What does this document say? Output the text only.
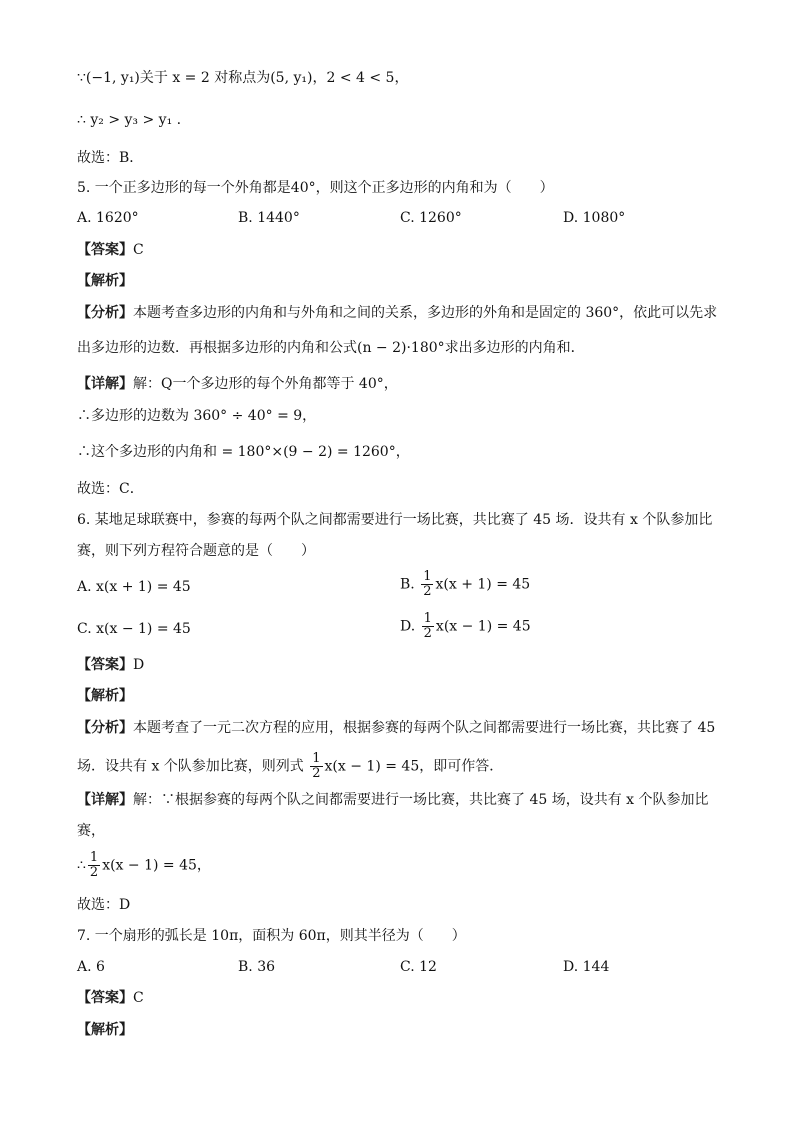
∵(−1, y₁)关于 x = 2 对称点为(5, y₁)，2 < 4 < 5，
∴ y₂ > y₃ > y₁ .
故选：B．
5. 一个正多边形的每一个外角都是40°，则这个正多边形的内角和为（　　）
A. 1620°	B. 1440°	C. 1260°	D. 1080°
【答案】C
【解析】
【分析】本题考查多边形的内角和与外角和之间的关系，多边形的外角和是固定的 360°，依此可以先求
出多边形的边数．再根据多边形的内角和公式(n − 2)·180°求出多边形的内角和．
【详解】解：Q一个多边形的每个外角都等于 40°，
∴多边形的边数为 360° ÷ 40° = 9，
∴这个多边形的内角和 = 180°×(9 − 2) = 1260°，
故选：C．
6. 某地足球联赛中，参赛的每两个队之间都需要进行一场比赛，共比赛了 45 场．设共有 x 个队参加比
赛，则下列方程符合题意的是（　　）
A. x(x + 1) = 45	B. $\frac{1}{2} x(x + 1) = 45$
C. x(x − 1) = 45	D. $\frac{1}{2} x(x - 1) = 45$
【答案】D
【解析】
【分析】本题考查了一元二次方程的应用，根据参赛的每两个队之间都需要进行一场比赛，共比赛了 45
场．设共有 x 个队参加比赛，则列式 $\frac{1}{2} x(x - 1) = 45$，即可作答．
【详解】解：∵根据参赛的每两个队之间都需要进行一场比赛，共比赛了 45 场，设共有 x 个队参加比
赛，
∴ $\frac{1}{2} x(x - 1) = 45$，
故选：D
7. 一个扇形的弧长是 10π，面积为 60π，则其半径为（　　）
A. 6	B. 36	C. 12	D. 144
【答案】C
【解析】
